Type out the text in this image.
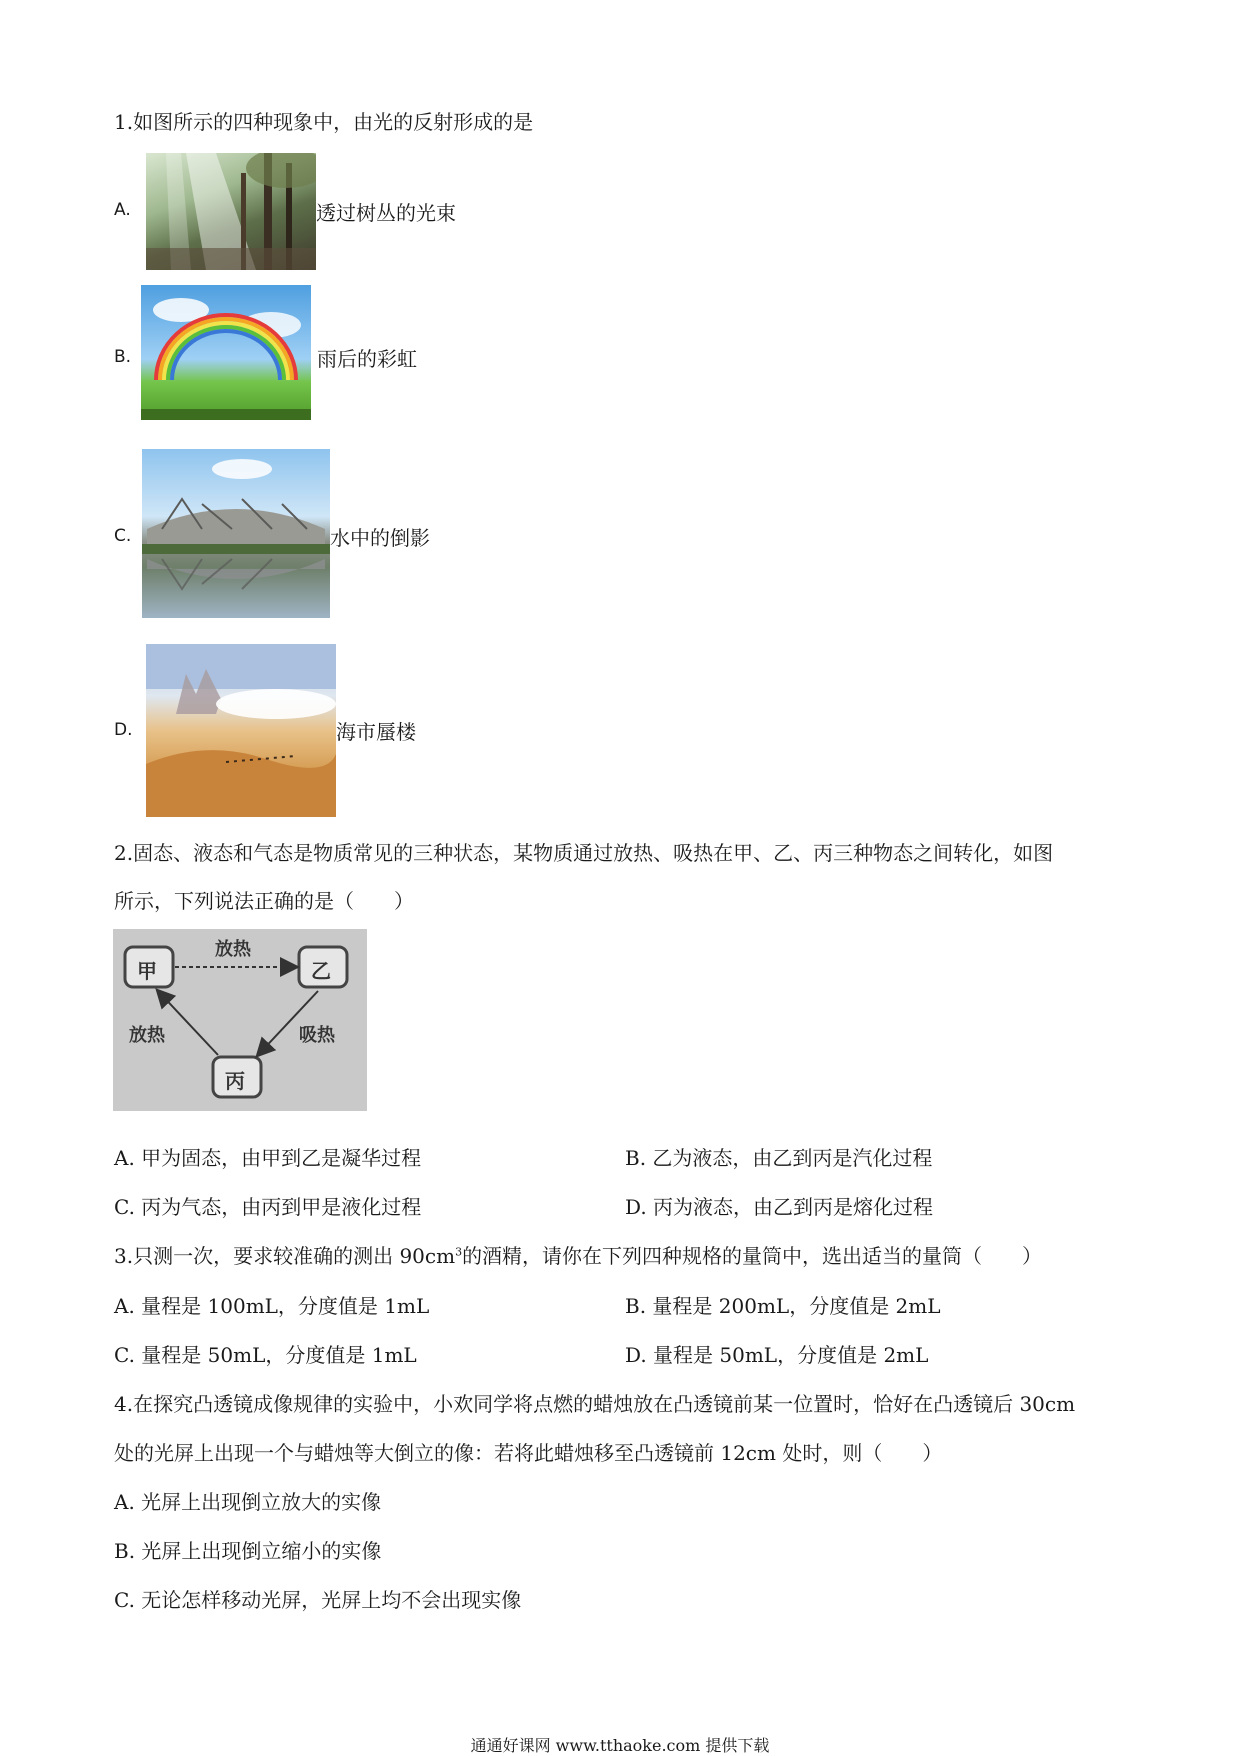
1.如图所示的四种现象中，由光的反射形成的是
A.	透过树丛的光束
B.	雨后的彩虹
C.	水中的倒影
D.	海市蜃楼
2.固态、液态和气态是物质常见的三种状态，某物质通过放热、吸热在甲、乙、丙三种物态之间转化，如图
所示，下列说法正确的是（　　）
甲	乙
丙
放热
放热	吸热
A. 甲为固态，由甲到乙是凝华过程	B. 乙为液态，由乙到丙是汽化过程
C. 丙为气态，由丙到甲是液化过程	D. 丙为液态，由乙到丙是熔化过程
3.只测一次，要求较准确的测出 $90cm^3$的酒精，请你在下列四种规格的量筒中，选出适当的量筒（　　）
A. 量程是 100mL，分度值是 1mL	B. 量程是 200mL，分度值是 2mL
C. 量程是 50mL，分度值是 1mL	D. 量程是 50mL，分度值是 2mL
4.在探究凸透镜成像规律的实验中，小欢同学将点燃的蜡烛放在凸透镜前某一位置时，恰好在凸透镜后 30cm
处的光屏上出现一个与蜡烛等大倒立的像：若将此蜡烛移至凸透镜前 12cm 处时，则（　　）
A. 光屏上出现倒立放大的实像
B. 光屏上出现倒立缩小的实像
C. 无论怎样移动光屏，光屏上均不会出现实像
通通好课网 www.tthaoke.com 提供下载
